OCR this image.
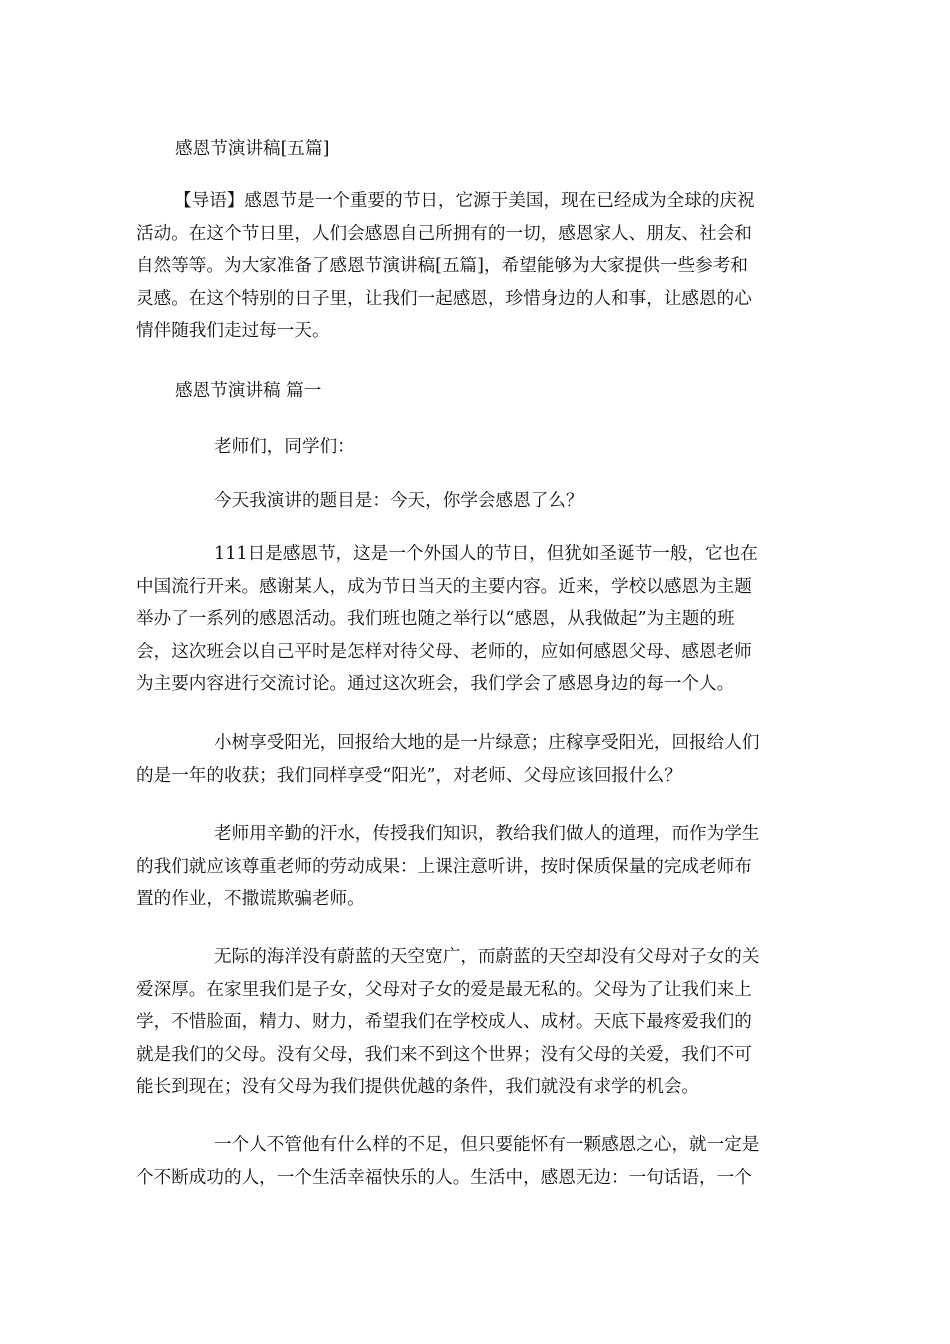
感恩节演讲稿[五篇]

【导语】感恩节是一个重要的节日，它源于美国，现在已经成为全球的庆祝
活动。在这个节日里，人们会感恩自己所拥有的一切，感恩家人、朋友、社会和
自然等等。为大家准备了感恩节演讲稿[五篇]，希望能够为大家提供一些参考和
灵感。在这个特别的日子里，让我们一起感恩，珍惜身边的人和事，让感恩的心
情伴随我们走过每一天。

感恩节演讲稿 篇一
老师们，同学们：
今天我演讲的题目是：今天，你学会感恩了么？

111日是感恩节，这是一个外国人的节日，但犹如圣诞节一般，它也在
中国流行开来。感谢某人，成为节日当天的主要内容。近来，学校以感恩为主题
举办了一系列的感恩活动。我们班也随之举行以“感恩，从我做起”为主题的班
会，这次班会以自己平时是怎样对待父母、老师的，应如何感恩父母、感恩老师
为主要内容进行交流讨论。通过这次班会，我们学会了感恩身边的每一个人。

小树享受阳光，回报给大地的是一片绿意；庄稼享受阳光，回报给人们
的是一年的收获；我们同样享受“阳光”，对老师、父母应该回报什么？

老师用辛勤的汗水，传授我们知识，教给我们做人的道理，而作为学生
的我们就应该尊重老师的劳动成果：上课注意听讲，按时保质保量的完成老师布
置的作业，不撒谎欺骗老师。

无际的海洋没有蔚蓝的天空宽广，而蔚蓝的天空却没有父母对子女的关
爱深厚。在家里我们是子女，父母对子女的爱是最无私的。父母为了让我们来上
学，不惜脸面，精力、财力，希望我们在学校成人、成材。天底下最疼爱我们的
就是我们的父母。没有父母，我们来不到这个世界；没有父母的关爱，我们不可
能长到现在；没有父母为我们提供优越的条件，我们就没有求学的机会。

一个人不管他有什么样的不足，但只要能怀有一颗感恩之心，就一定是
个不断成功的人，一个生活幸福快乐的人。生活中，感恩无边：一句话语，一个
